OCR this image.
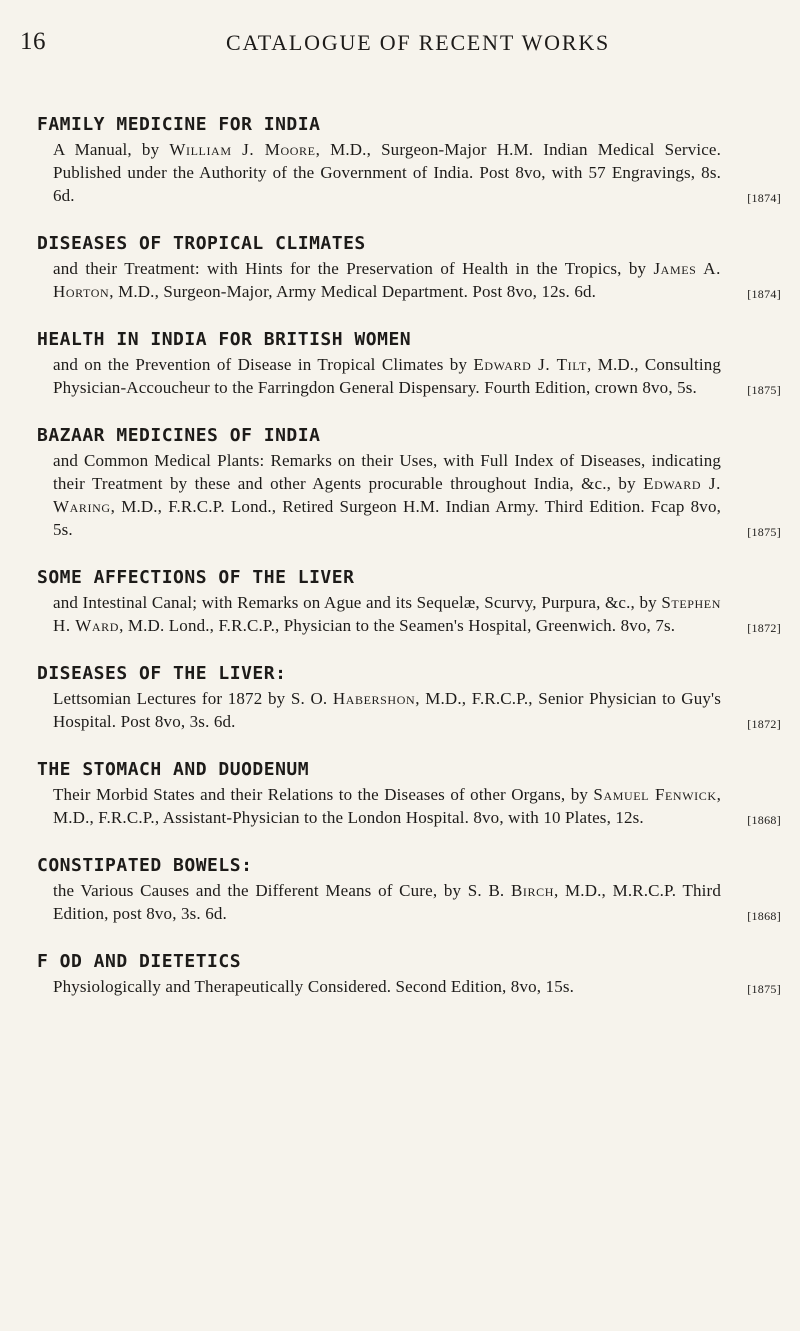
16	CATALOGUE OF RECENT WORKS
FAMILY MEDICINE FOR INDIA
A Manual, by William J. Moore, M.D., Surgeon-Major H.M. Indian Medical Service. Published under the Authority of the Government of India. Post 8vo, with 57 Engravings, 8s. 6d.	[1874]
DISEASES OF TROPICAL CLIMATES
and their Treatment: with Hints for the Preservation of Health in the Tropics, by James A. Horton, M.D., Surgeon-Major, Army Medical Department. Post 8vo, 12s. 6d.	[1874]
HEALTH IN INDIA FOR BRITISH WOMEN
and on the Prevention of Disease in Tropical Climates by Edward J. Tilt, M.D., Consulting Physician-Accoucheur to the Farringdon General Dispensary. Fourth Edition, crown 8vo, 5s.	[1875]
BAZAAR MEDICINES OF INDIA
and Common Medical Plants: Remarks on their Uses, with Full Index of Diseases, indicating their Treatment by these and other Agents procurable throughout India, &c., by Edward J. Waring, M.D., F.R.C.P. Lond., Retired Surgeon H.M. Indian Army. Third Edition. Fcap 8vo, 5s.	[1875]
SOME AFFECTIONS OF THE LIVER
and Intestinal Canal; with Remarks on Ague and its Sequelæ, Scurvy, Purpura, &c., by Stephen H. Ward, M.D. Lond., F.R.C.P., Physician to the Seamen's Hospital, Greenwich. 8vo, 7s.	[1872]
DISEASES OF THE LIVER:
Lettsomian Lectures for 1872 by S. O. Habershon, M.D., F.R.C.P., Senior Physician to Guy's Hospital. Post 8vo, 3s. 6d.	[1872]
THE STOMACH AND DUODENUM
Their Morbid States and their Relations to the Diseases of other Organs, by Samuel Fenwick, M.D., F.R.C.P., Assistant-Physician to the London Hospital. 8vo, with 10 Plates, 12s.	[1868]
CONSTIPATED BOWELS:
the Various Causes and the Different Means of Cure, by S. B. Birch, M.D., M.R.C.P. Third Edition, post 8vo, 3s. 6d.	[1868]
F OD AND DIETETICS
Physiologically and Therapeutically Considered. Second Edition, 8vo, 15s.	[1875]
